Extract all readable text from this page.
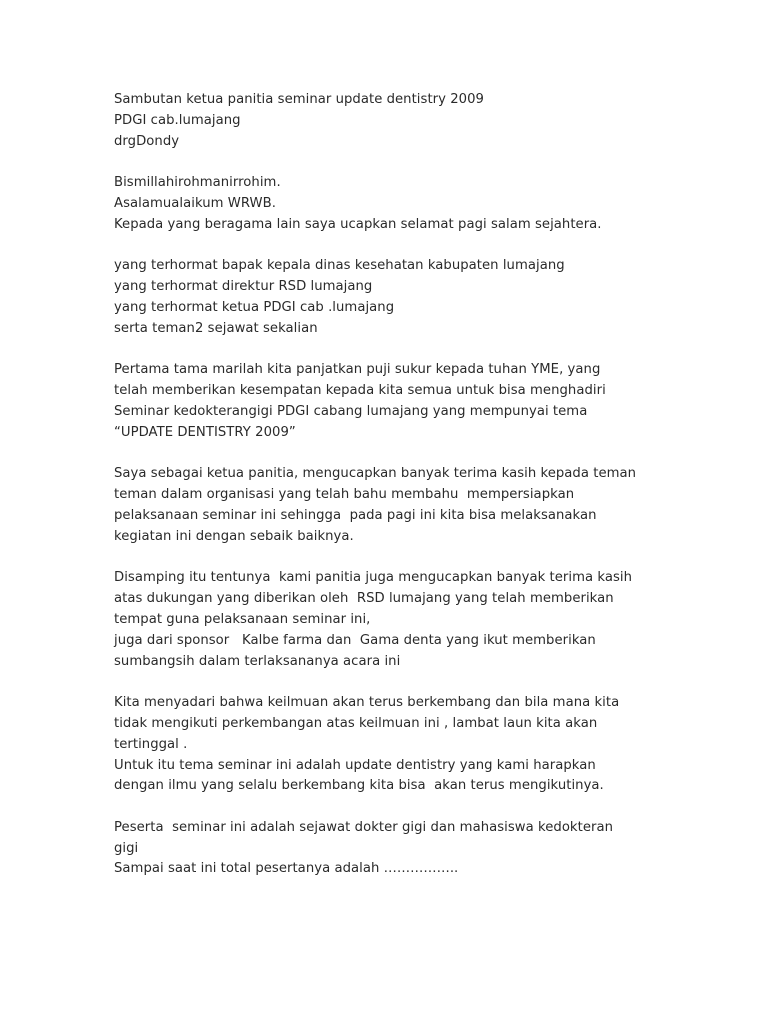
Sambutan ketua panitia seminar update dentistry 2009
PDGI cab.lumajang
drgDondy
Bismillahirohmanirrohim.
Asalamualaikum WRWB.
Kepada yang beragama lain saya ucapkan selamat pagi salam sejahtera.
yang terhormat bapak kepala dinas kesehatan kabupaten lumajang
yang terhormat direktur RSD lumajang
yang terhormat ketua PDGI cab .lumajang
serta teman2 sejawat sekalian
Pertama tama marilah kita panjatkan puji sukur kepada tuhan YME, yang
telah memberikan kesempatan kepada kita semua untuk bisa menghadiri
Seminar kedokterangigi PDGI cabang lumajang yang mempunyai tema
“UPDATE DENTISTRY 2009”
Saya sebagai ketua panitia, mengucapkan banyak terima kasih kepada teman
teman dalam organisasi yang telah bahu membahu  mempersiapkan
pelaksanaan seminar ini sehingga  pada pagi ini kita bisa melaksanakan
kegiatan ini dengan sebaik baiknya.
Disamping itu tentunya  kami panitia juga mengucapkan banyak terima kasih
atas dukungan yang diberikan oleh  RSD lumajang yang telah memberikan
tempat guna pelaksanaan seminar ini,
juga dari sponsor   Kalbe farma dan  Gama denta yang ikut memberikan
sumbangsih dalam terlaksananya acara ini
Kita menyadari bahwa keilmuan akan terus berkembang dan bila mana kita
tidak mengikuti perkembangan atas keilmuan ini , lambat laun kita akan
tertinggal .
Untuk itu tema seminar ini adalah update dentistry yang kami harapkan
dengan ilmu yang selalu berkembang kita bisa  akan terus mengikutinya.
Peserta  seminar ini adalah sejawat dokter gigi dan mahasiswa kedokteran
gigi
Sampai saat ini total pesertanya adalah ……………..
